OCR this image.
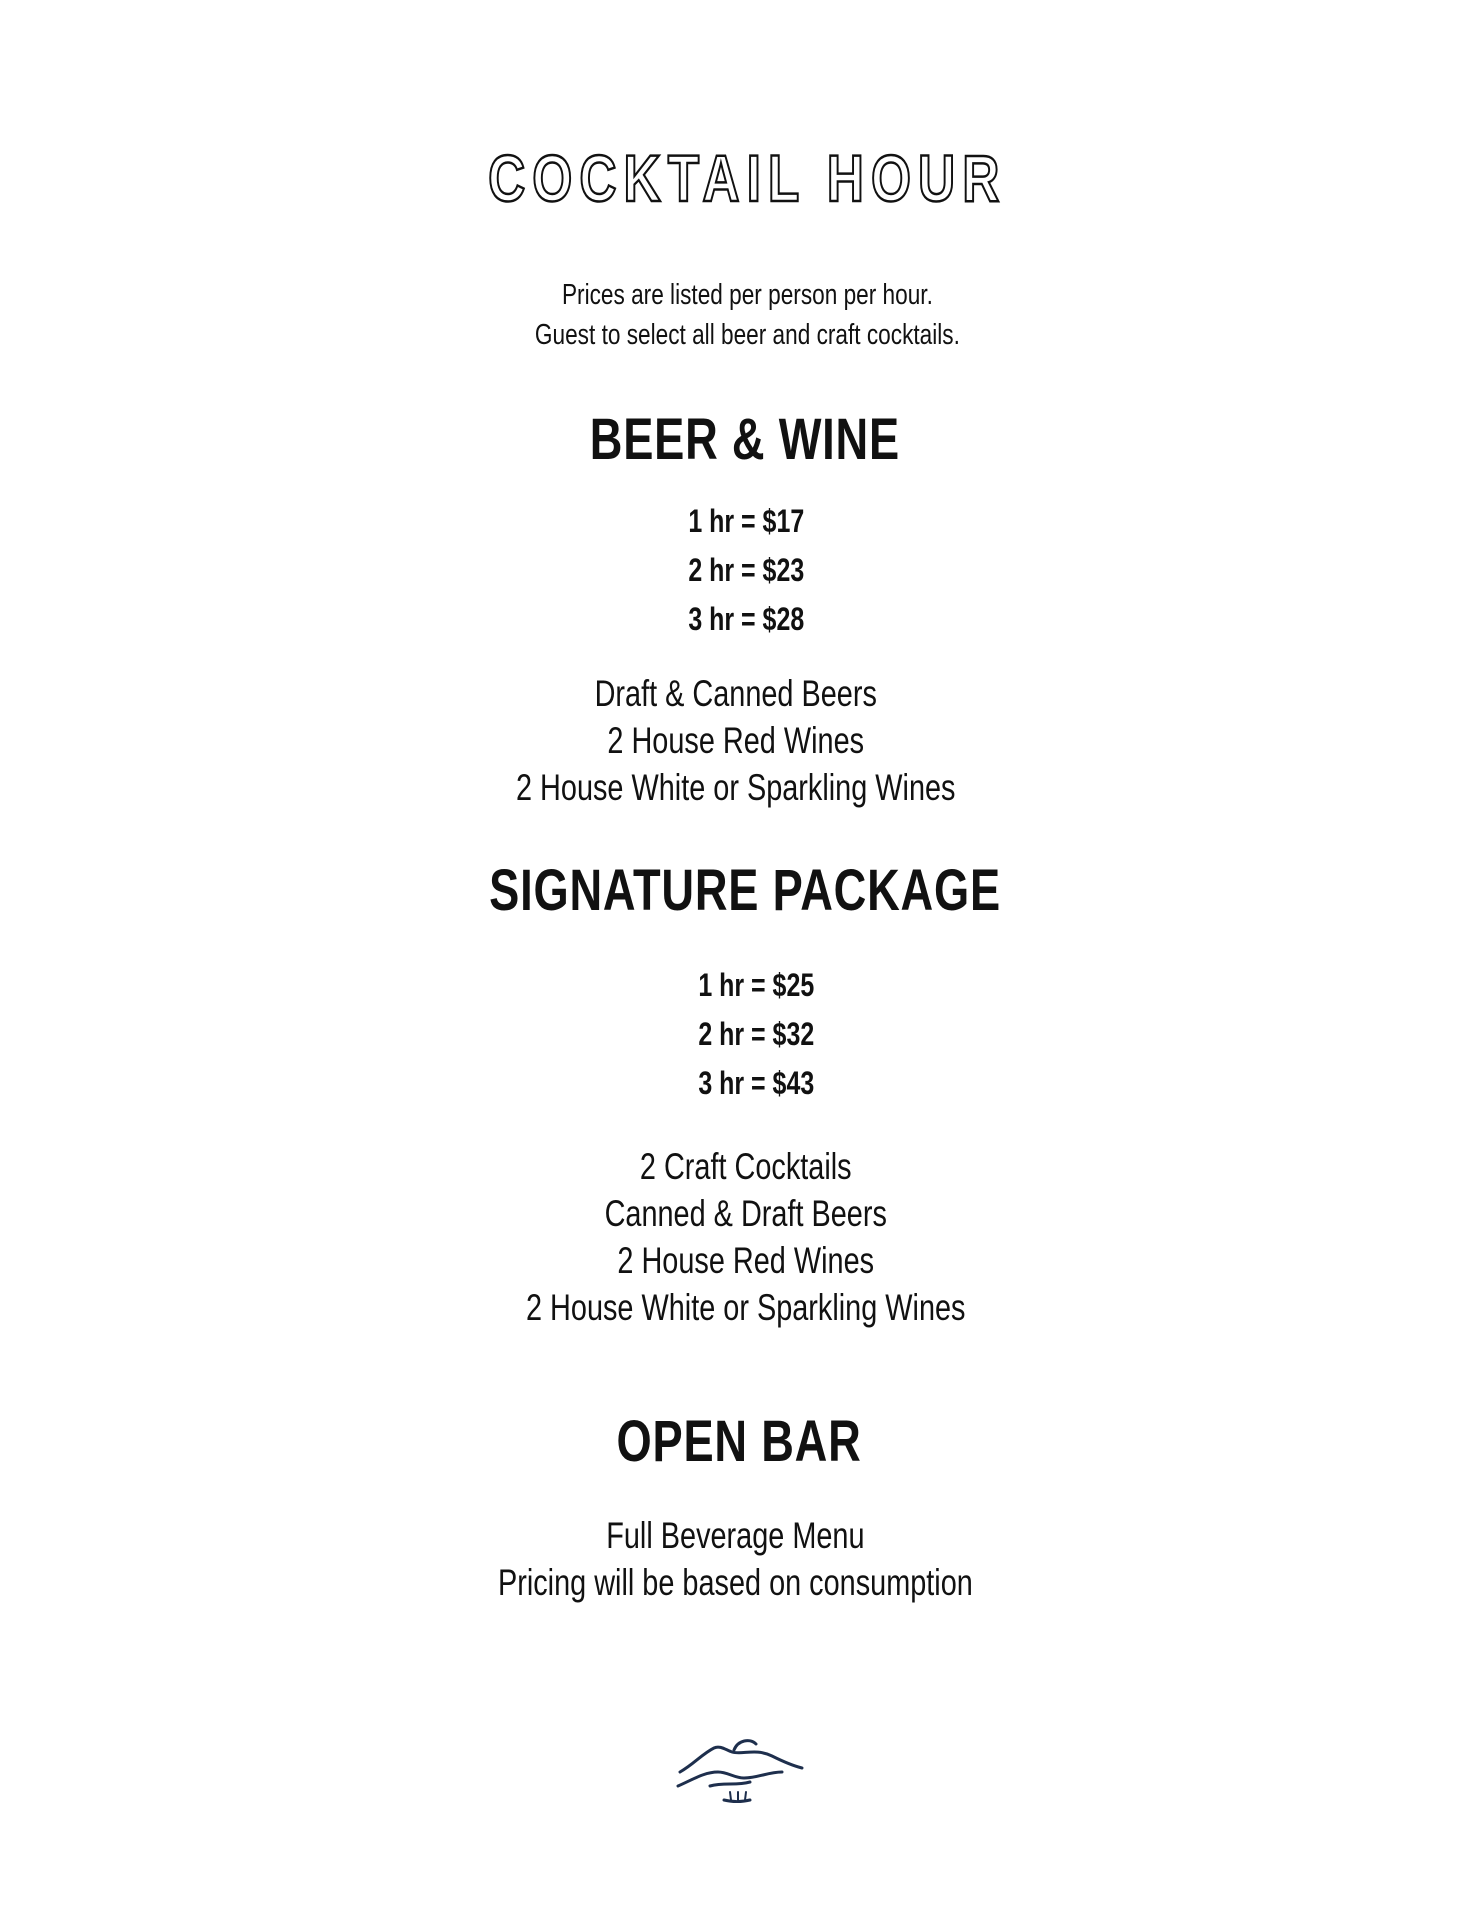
COCKTAIL HOUR
Prices are listed per person per hour.
Guest to select all beer and craft cocktails.
BEER & WINE
1 hr = $17
2 hr = $23
3 hr = $28
Draft & Canned Beers
2 House Red Wines
2 House White or Sparkling Wines
SIGNATURE PACKAGE
1 hr = $25
2 hr = $32
3 hr = $43
2 Craft Cocktails
Canned & Draft Beers
2 House Red Wines
2 House White or Sparkling Wines
OPEN BAR
Full Beverage Menu
Pricing will be based on consumption
